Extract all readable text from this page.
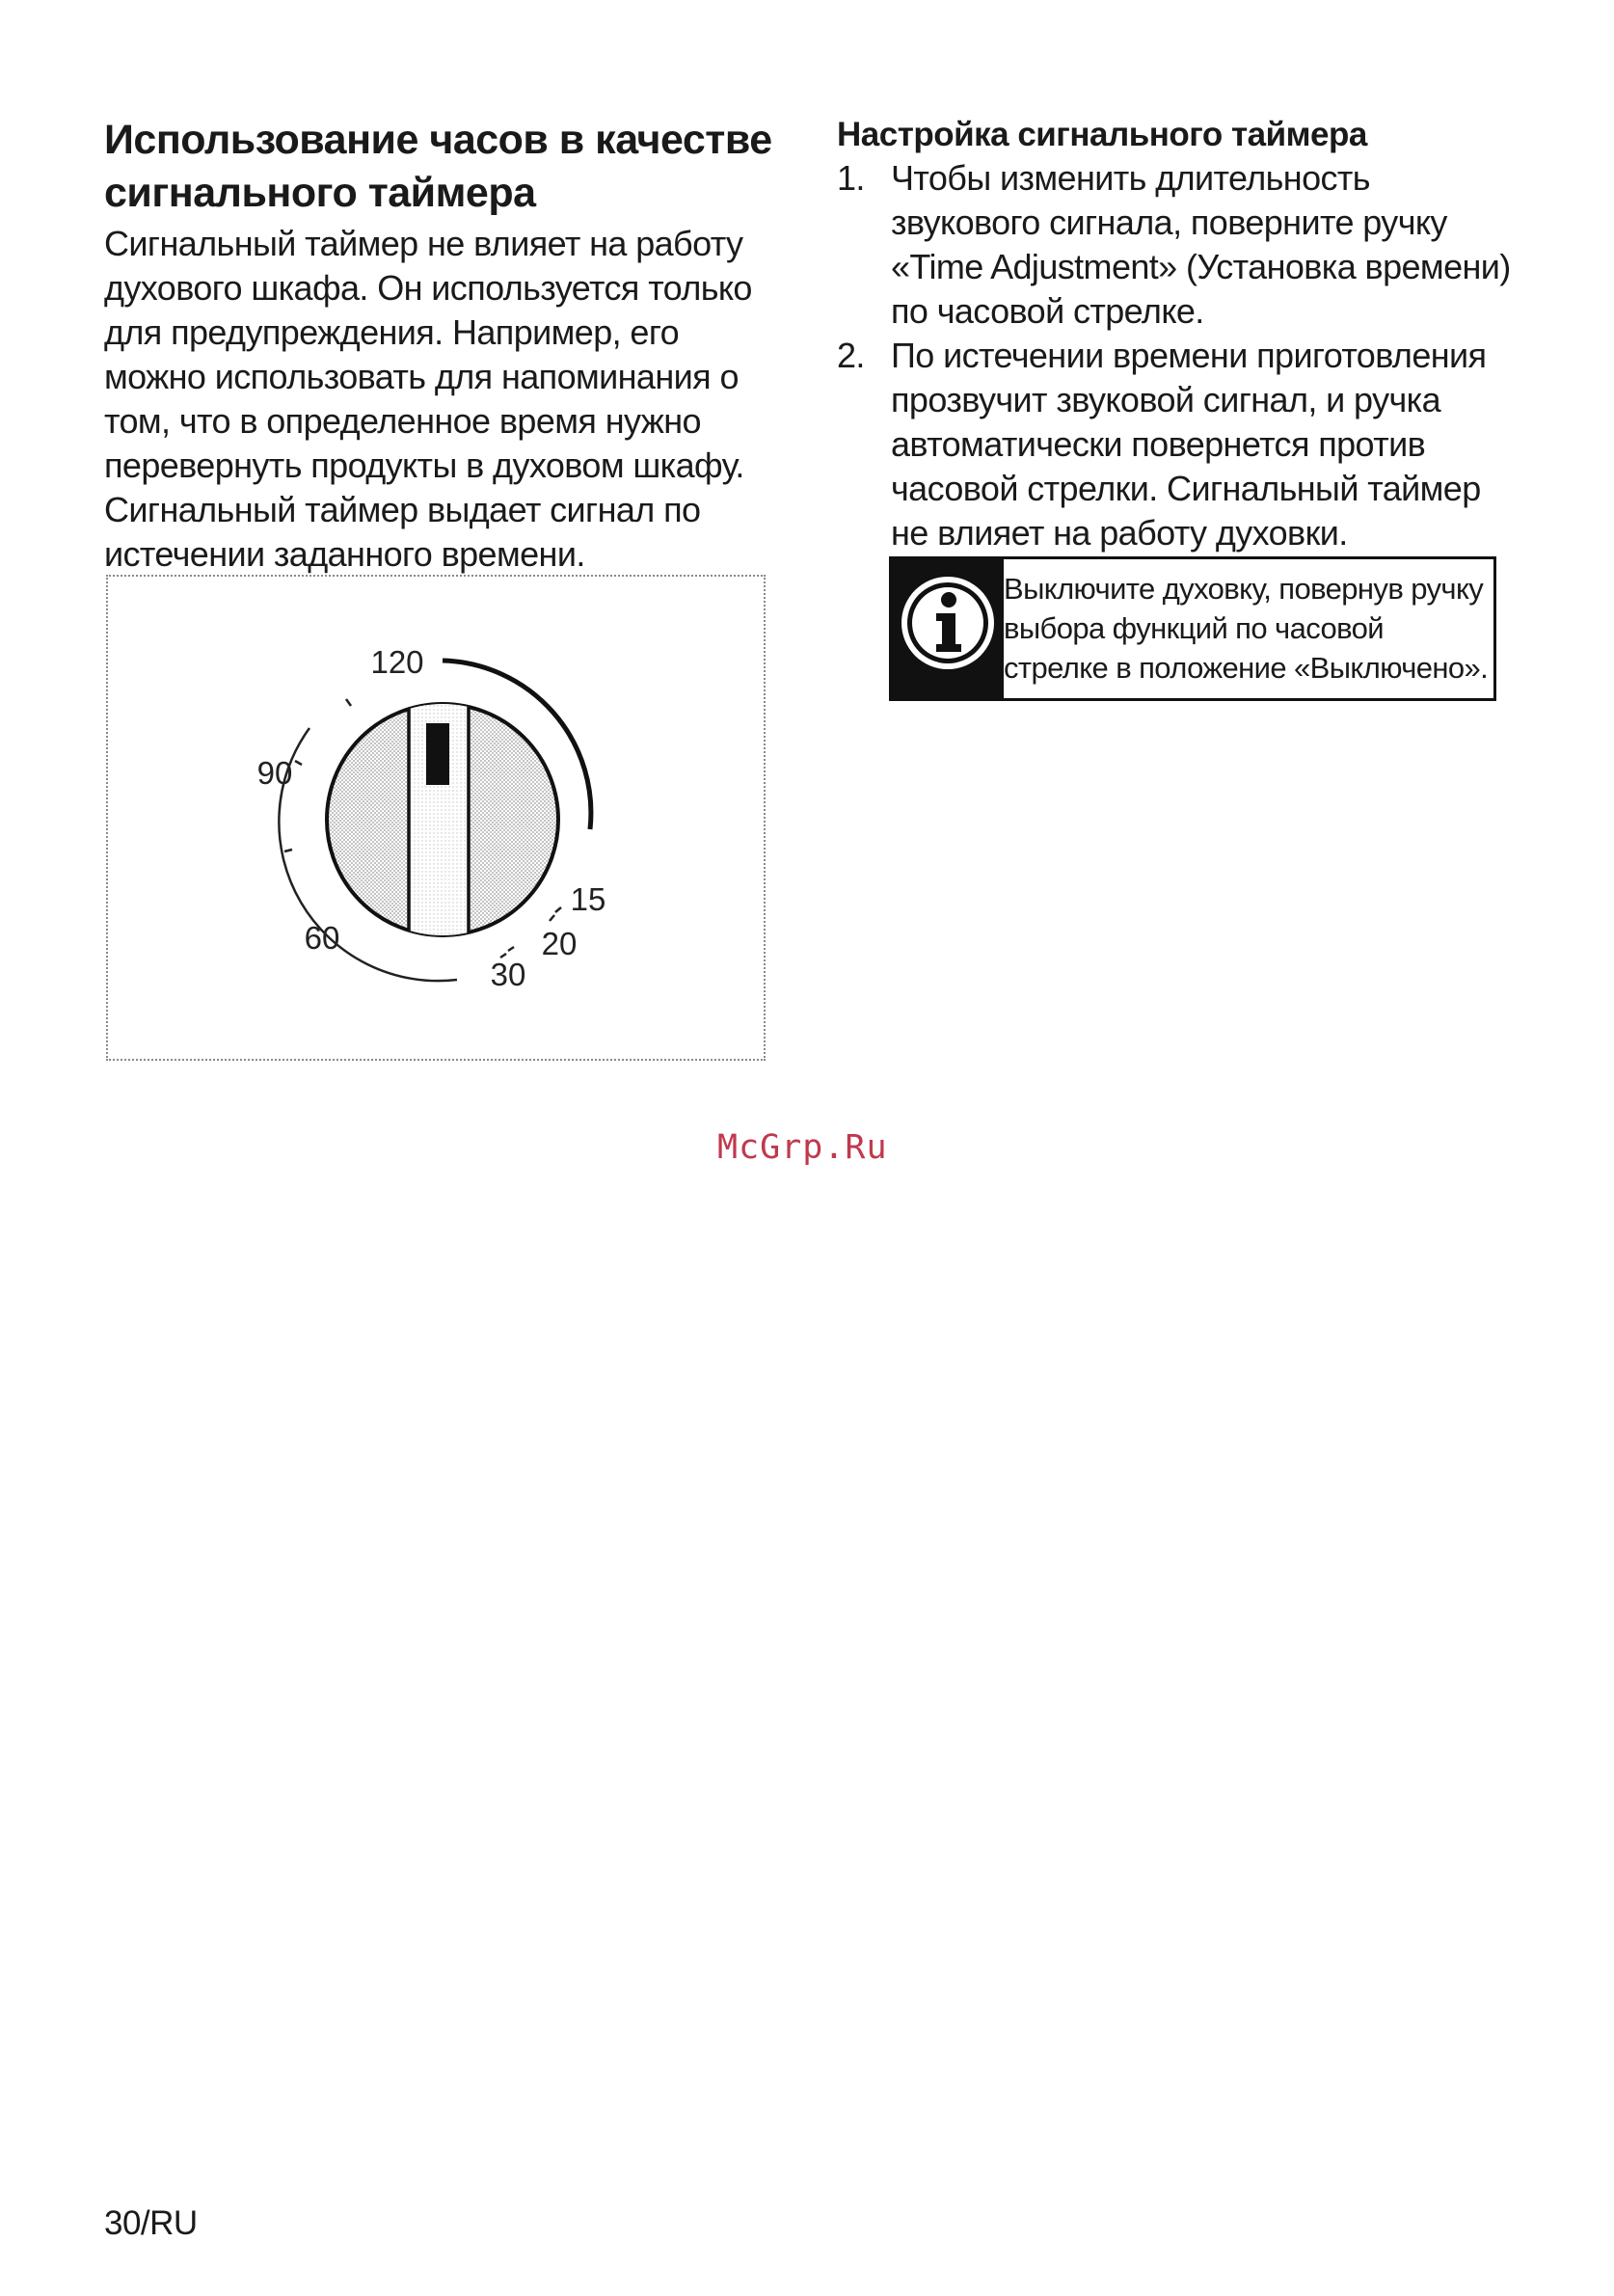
Использование часов в качестве сигнального таймера

Сигнальный таймер не влияет на работу духового шкафа. Он используется только для предупреждения. Например, его можно использовать для напоминания о том, что в определенное время нужно перевернуть продукты в духовом шкафу. Сигнальный таймер выдает сигнал по истечении заданного времени.

120
90
60
30
20
15
Настройка сигнального таймера
1. Чтобы изменить длительность звукового сигнала, поверните ручку «Time Adjustment» (Установка времени) по часовой стрелке.
2. По истечении времени приготовления прозвучит звуковой сигнал, и ручка автоматически повернется против часовой стрелки. Сигнальный таймер не влияет на работу духовки.
Выключите духовку, повернув ручку выбора функций по часовой стрелке в положение «Выключено».
McGrp.Ru
30/RU
